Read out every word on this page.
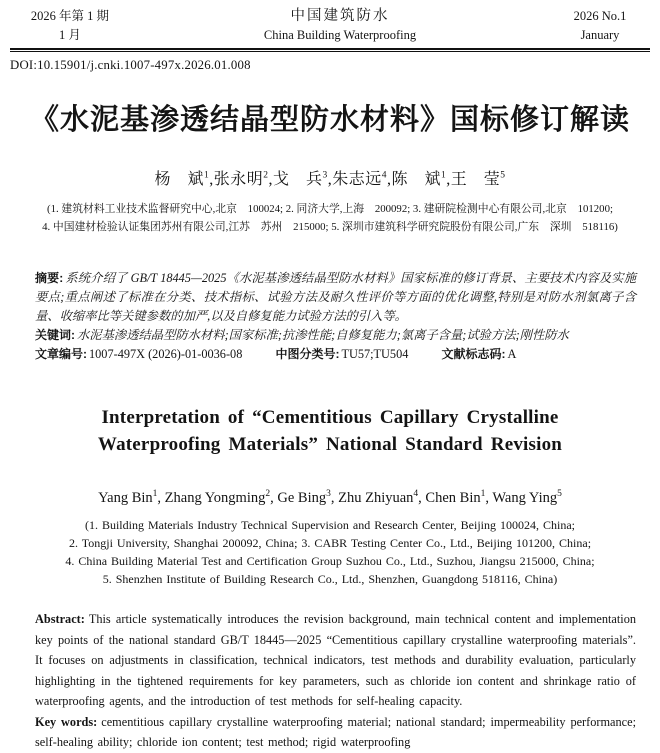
2026 年第 1 期
1 月
中国建筑防水
China Building Waterproofing
2026 No.1
January
DOI:10.15901/j.cnki.1007-497x.2026.01.008
《水泥基渗透结晶型防水材料》国标修订解读
杨　斌$^1$,张永明$^2$,戈　兵$^3$,朱志远$^4$,陈　斌$^1$,王　莹$^5$
(1. 建筑材料工业技术监督研究中心,北京　100024; 2. 同济大学,上海　200092; 3. 建研院检测中心有限公司,北京　101200;
4. 中国建材检验认证集团苏州有限公司,江苏　苏州　215000; 5. 深圳市建筑科学研究院股份有限公司,广东　深圳　518116)

摘要: 系统介绍了 GB/T 18445—2025《水泥基渗透结晶型防水材料》国家标准的修订背景、主要技术内容及实施要点;重点阐述了标准在分类、技术指标、试验方法及耐久性评价等方面的优化调整,特别是对防水剂氯离子含量、收缩率比等关键参数的加严,以及自修复能力试验方法的引入等。

关键词: 水泥基渗透结晶型防水材料;国家标准;抗渗性能;自修复能力;氯离子含量;试验方法;刚性防水

文章编号: 1007-497X (2026)-01-0036-08	中图分类号: TU57;TU504	文献标志码: A

Interpretation of “Cementitious Capillary Crystalline
Waterproofing Materials” National Standard Revision
Yang Bin$^1$, Zhang Yongming$^2$, Ge Bing$^3$, Zhu Zhiyuan$^4$, Chen Bin$^1$, Wang Ying$^5$
(1. Building Materials Industry Technical Supervision and Research Center, Beijing 100024, China;
2. Tongji University, Shanghai 200092, China; 3. CABR Testing Center Co., Ltd., Beijing 101200, China;
4. China Building Material Test and Certification Group Suzhou Co., Ltd., Suzhou, Jiangsu 215000, China;
5. Shenzhen Institute of Building Research Co., Ltd., Shenzhen, Guangdong 518116, China)

Abstract: This article systematically introduces the revision background, main technical content and implementation key points of the national standard GB/T 18445—2025 “Cementitious capillary crystalline waterproofing materials”. It focuses on adjustments in classification, technical indicators, test methods and durability evaluation, particularly highlighting in the tightened requirements for key parameters, such as chloride ion content and shrinkage ratio of waterproofing agents, and the introduction of test methods for self-healing capacity.

Key words: cementitious capillary crystalline waterproofing material; national standard; impermeability performance; self-healing ability; chloride ion content; test method; rigid waterproofing
